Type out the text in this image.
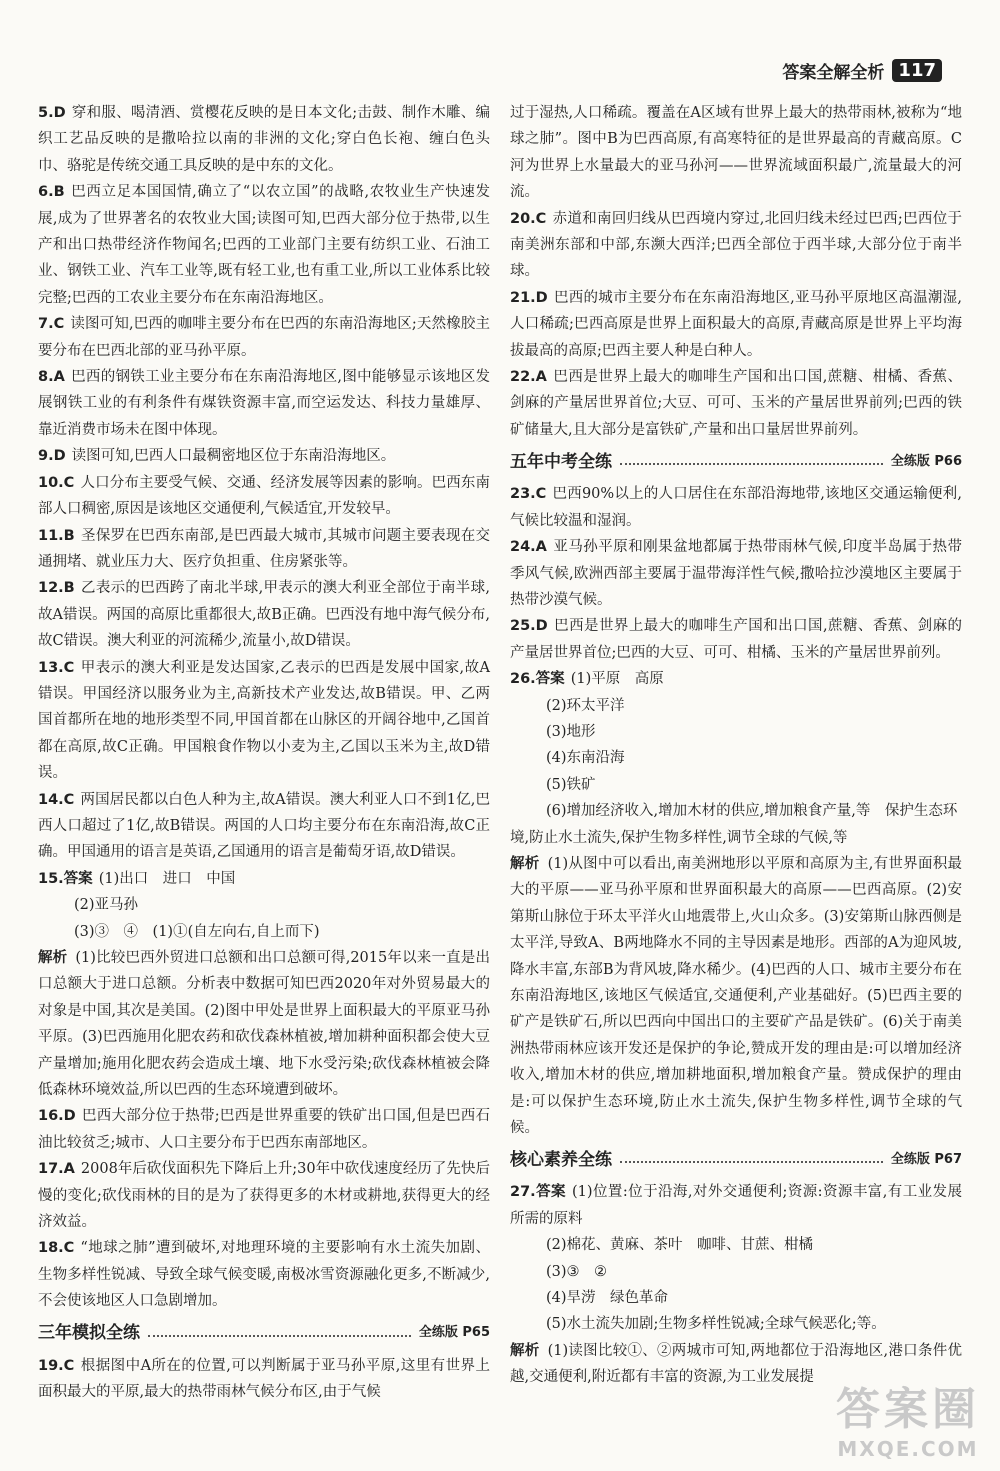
答案全解全析 117

5.D 穿和服、喝清酒、赏樱花反映的是日本文化;击鼓、制作木雕、编织工艺品反映的是撒哈拉以南的非洲的文化;穿白色长袍、缠白色头巾、骆驼是传统交通工具反映的是中东的文化。

6.B 巴西立足本国国情,确立了“以农立国”的战略,农牧业生产快速发展,成为了世界著名的农牧业大国;读图可知,巴西大部分位于热带,以生产和出口热带经济作物闻名;巴西的工业部门主要有纺织工业、石油工业、钢铁工业、汽车工业等,既有轻工业,也有重工业,所以工业体系比较完整;巴西的工农业主要分布在东南沿海地区。

7.C 读图可知,巴西的咖啡主要分布在巴西的东南沿海地区;天然橡胶主要分布在巴西北部的亚马孙平原。

8.A 巴西的钢铁工业主要分布在东南沿海地区,图中能够显示该地区发展钢铁工业的有利条件有煤铁资源丰富,而空运发达、科技力量雄厚、靠近消费市场未在图中体现。

9.D 读图可知,巴西人口最稠密地区位于东南沿海地区。

10.C 人口分布主要受气候、交通、经济发展等因素的影响。巴西东南部人口稠密,原因是该地区交通便利,气候适宜,开发较早。

11.B 圣保罗在巴西东南部,是巴西最大城市,其城市问题主要表现在交通拥堵、就业压力大、医疗负担重、住房紧张等。

12.B 乙表示的巴西跨了南北半球,甲表示的澳大利亚全部位于南半球,故A错误。两国的高原比重都很大,故B正确。巴西没有地中海气候分布,故C错误。澳大利亚的河流稀少,流量小,故D错误。

13.C 甲表示的澳大利亚是发达国家,乙表示的巴西是发展中国家,故A错误。甲国经济以服务业为主,高新技术产业发达,故B错误。甲、乙两国首都所在地的地形类型不同,甲国首都在山脉区的开阔谷地中,乙国首都在高原,故C正确。甲国粮食作物以小麦为主,乙国以玉米为主,故D错误。

14.C 两国居民都以白色人种为主,故A错误。澳大利亚人口不到1亿,巴西人口超过了1亿,故B错误。两国的人口均主要分布在东南沿海,故C正确。甲国通用的语言是英语,乙国通用的语言是葡萄牙语,故D错误。

15.答案 (1)出口　进口　中国

(2)亚马孙

(3)③　④　(1)①(自左向右,自上而下)

解析 (1)比较巴西外贸进口总额和出口总额可得,2015年以来一直是出口总额大于进口总额。分析表中数据可知巴西2020年对外贸易最大的对象是中国,其次是美国。(2)图中甲处是世界上面积最大的平原亚马孙平原。(3)巴西施用化肥农药和砍伐森林植被,增加耕种面积都会使大豆产量增加;施用化肥农药会造成土壤、地下水受污染;砍伐森林植被会降低森林环境效益,所以巴西的生态环境遭到破坏。

16.D 巴西大部分位于热带;巴西是世界重要的铁矿出口国,但是巴西石油比较贫乏;城市、人口主要分布于巴西东南部地区。

17.A 2008年后砍伐面积先下降后上升;30年中砍伐速度经历了先快后慢的变化;砍伐雨林的目的是为了获得更多的木材或耕地,获得更大的经济效益。

18.C “地球之肺”遭到破坏,对地理环境的主要影响有水土流失加剧、生物多样性锐减、导致全球气候变暖,南极冰雪资源融化更多,不断减少,不会使该地区人口急剧增加。

三年模拟全练	全练版 P65

19.C 根据图中A所在的位置,可以判断属于亚马孙平原,这里有世界上面积最大的平原,最大的热带雨林气候分布区,由于气候

过于湿热,人口稀疏。覆盖在A区域有世界上最大的热带雨林,被称为“地球之肺”。图中B为巴西高原,有高寒特征的是世界最高的青藏高原。C河为世界上水量最大的亚马孙河——世界流域面积最广,流量最大的河流。

20.C 赤道和南回归线从巴西境内穿过,北回归线未经过巴西;巴西位于南美洲东部和中部,东濒大西洋;巴西全部位于西半球,大部分位于南半球。

21.D 巴西的城市主要分布在东南沿海地区,亚马孙平原地区高温潮湿,人口稀疏;巴西高原是世界上面积最大的高原,青藏高原是世界上平均海拔最高的高原;巴西主要人种是白种人。

22.A 巴西是世界上最大的咖啡生产国和出口国,蔗糖、柑橘、香蕉、剑麻的产量居世界首位;大豆、可可、玉米的产量居世界前列;巴西的铁矿储量大,且大部分是富铁矿,产量和出口量居世界前列。

五年中考全练	全练版 P66

23.C 巴西90%以上的人口居住在东部沿海地带,该地区交通运输便利,气候比较温和湿润。

24.A 亚马孙平原和刚果盆地都属于热带雨林气候,印度半岛属于热带季风气候,欧洲西部主要属于温带海洋性气候,撒哈拉沙漠地区主要属于热带沙漠气候。

25.D 巴西是世界上最大的咖啡生产国和出口国,蔗糖、香蕉、剑麻的产量居世界首位;巴西的大豆、可可、柑橘、玉米的产量居世界前列。

26.答案 (1)平原　高原

(2)环太平洋

(3)地形

(4)东南沿海

(5)铁矿

(6)增加经济收入,增加木材的供应,增加粮食产量,等　保护生态环境,防止水土流失,保护生物多样性,调节全球的气候,等

解析 (1)从图中可以看出,南美洲地形以平原和高原为主,有世界面积最大的平原——亚马孙平原和世界面积最大的高原——巴西高原。(2)安第斯山脉位于环太平洋火山地震带上,火山众多。(3)安第斯山脉西侧是太平洋,导致A、B两地降水不同的主导因素是地形。西部的A为迎风坡,降水丰富,东部B为背风坡,降水稀少。(4)巴西的人口、城市主要分布在东南沿海地区,该地区气候适宜,交通便利,产业基础好。(5)巴西主要的矿产是铁矿石,所以巴西向中国出口的主要矿产品是铁矿。(6)关于南美洲热带雨林应该开发还是保护的争论,赞成开发的理由是:可以增加经济收入,增加木材的供应,增加耕地面积,增加粮食产量。赞成保护的理由是:可以保护生态环境,防止水土流失,保护生物多样性,调节全球的气候。

核心素养全练	全练版 P67

27.答案 (1)位置:位于沿海,对外交通便利;资源:资源丰富,有工业发展所需的原料

(2)棉花、黄麻、茶叶　咖啡、甘蔗、柑橘

(3)③　②

(4)旱涝　绿色革命

(5)水土流失加剧;生物多样性锐减;全球气候恶化;等。

解析 (1)读图比较①、②两城市可知,两地都位于沿海地区,港口条件优越,交通便利,附近都有丰富的资源,为工业发展提

答案圈
MXQE.COM
